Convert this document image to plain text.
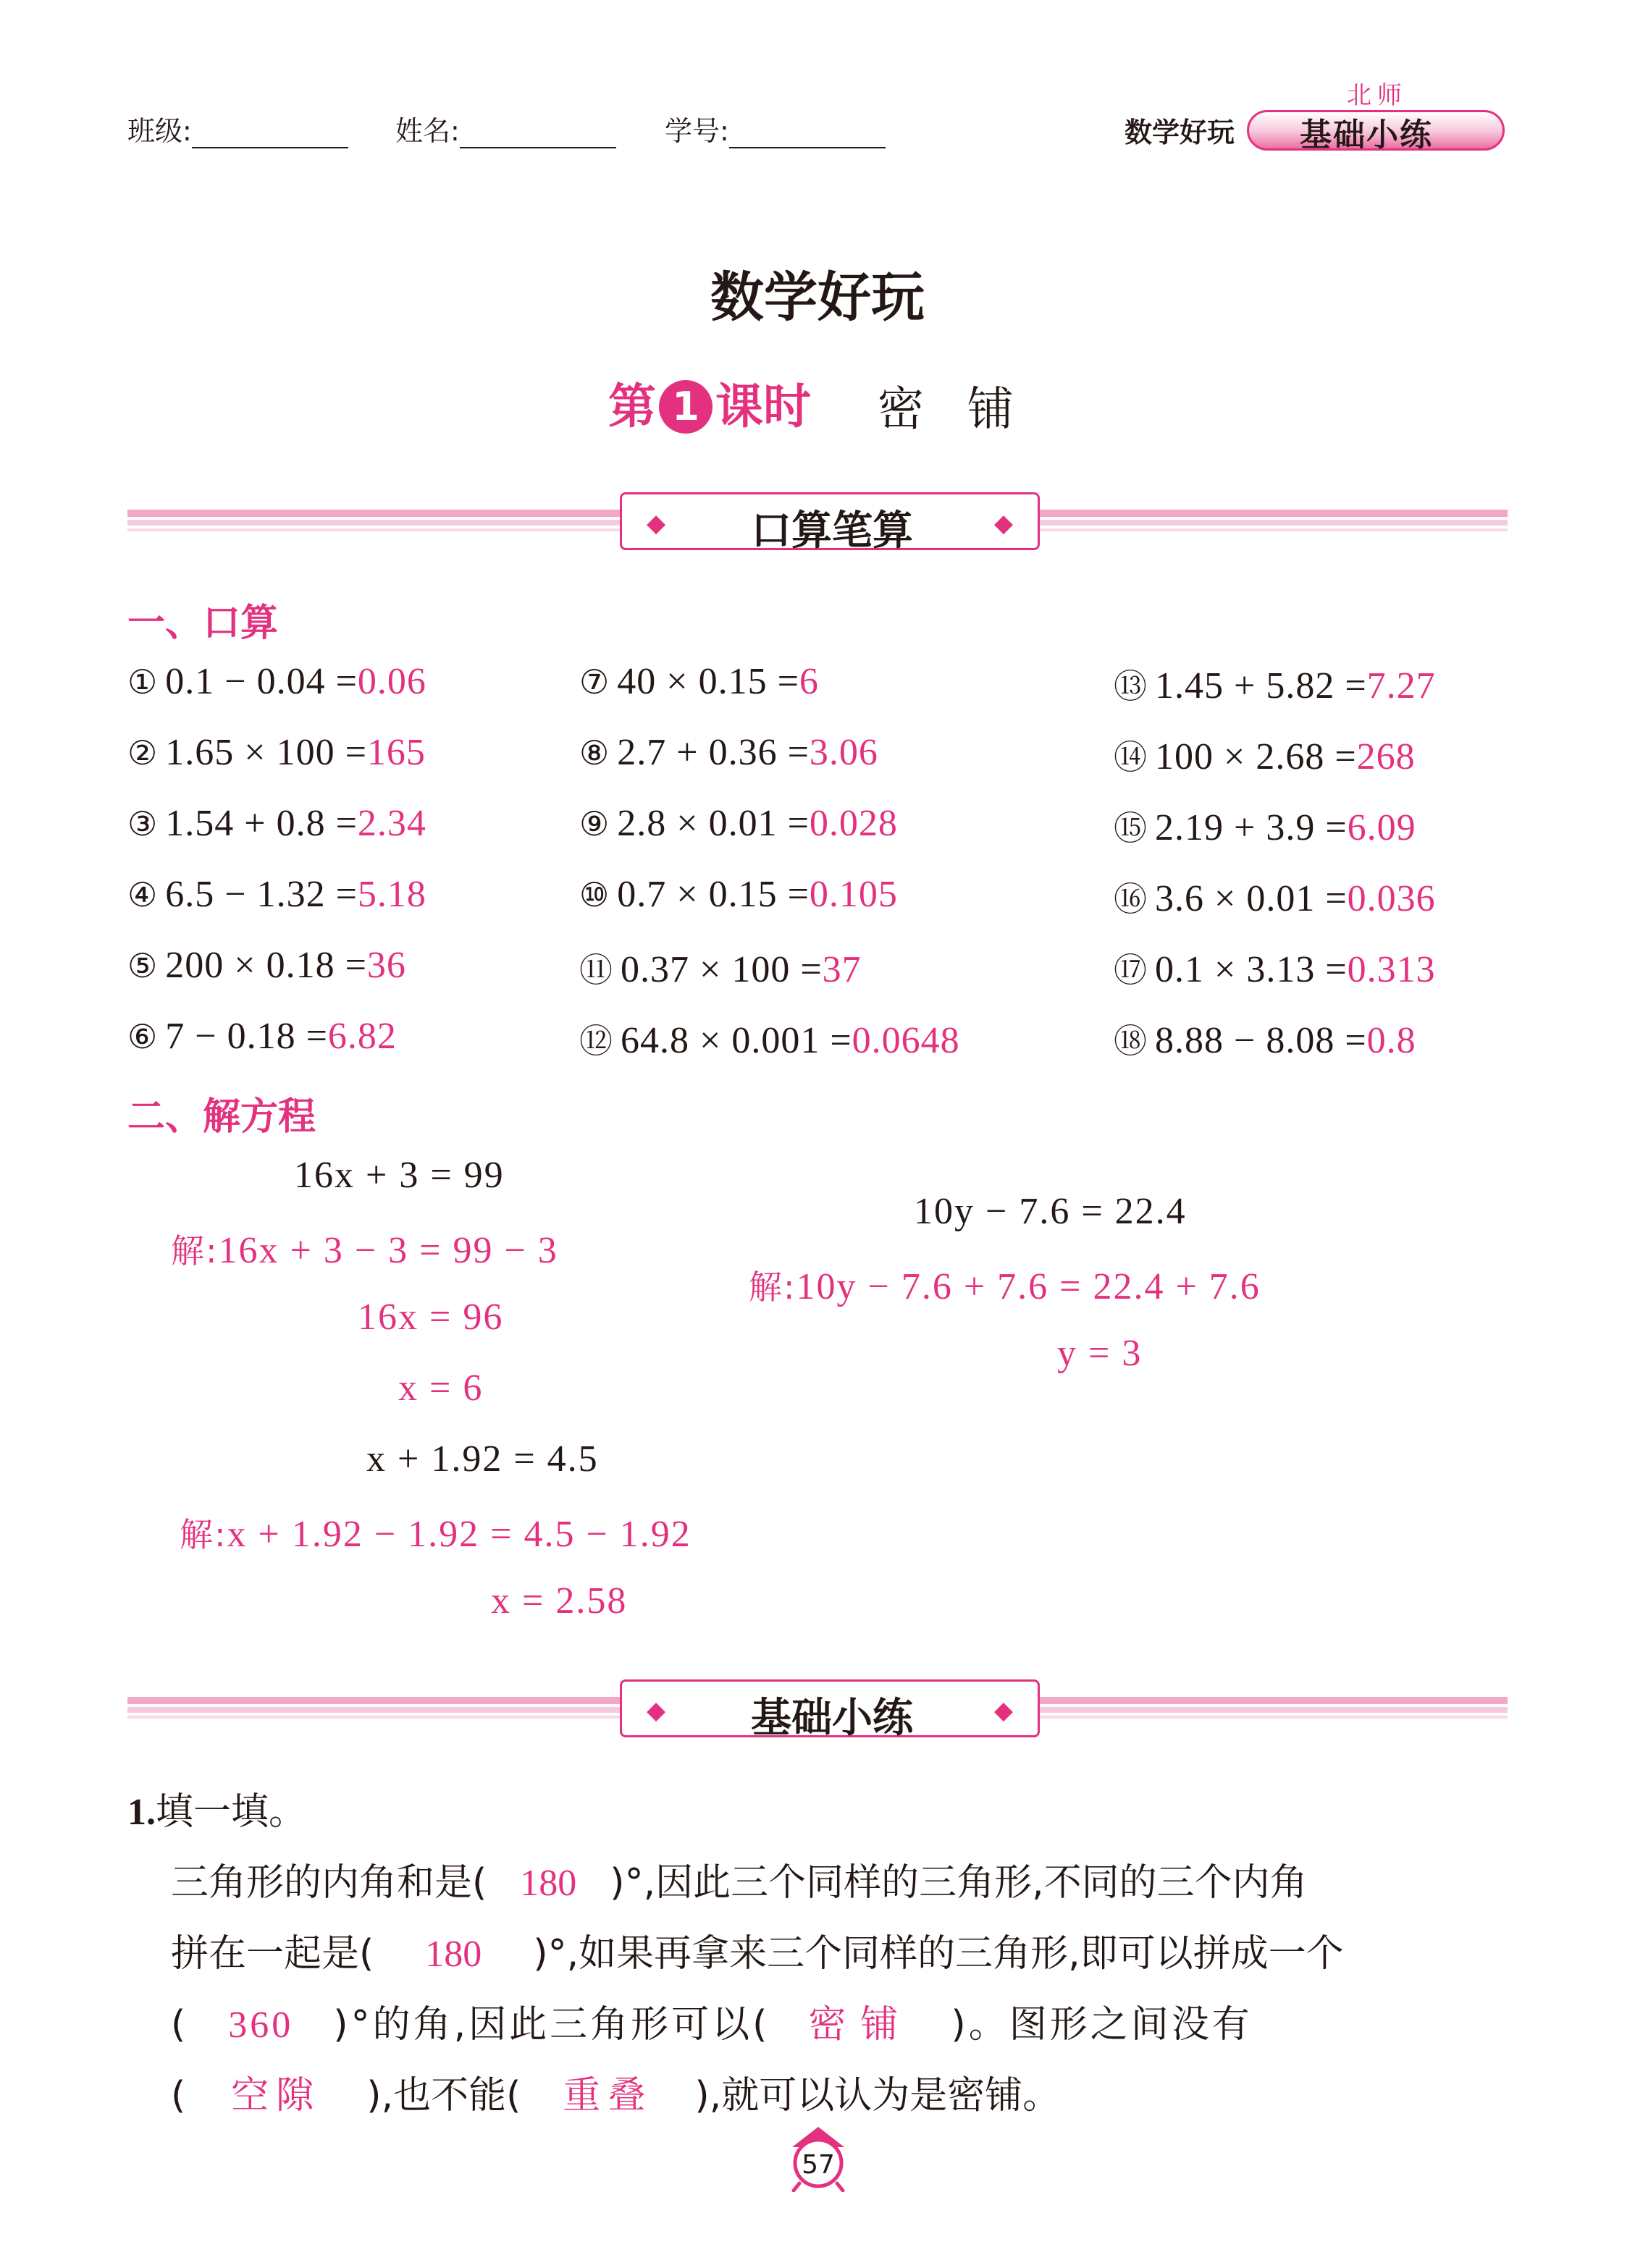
班级:	姓名:	学号:	数学好玩
北师
基础小练
数学好玩
第 1 课时 密铺
◆	口算笔算	◆
一、口算
① 0.1 − 0.04 =0.06
② 1.65 × 100 =165
③ 1.54 + 0.8 =2.34
④ 6.5 − 1.32 =5.18
⑤ 200 × 0.18 =36
⑥ 7 − 0.18 =6.82
⑦ 40 × 0.15 =6
⑧ 2.7 + 0.36 =3.06
⑨ 2.8 × 0.01 =0.028
⑩ 0.7 × 0.15 =0.105
⑪ 0.37 × 100 =37
⑫ 64.8 × 0.001 =0.0648
⑬ 1.45 + 5.82 =7.27
⑭ 100 × 2.68 =268
⑮ 2.19 + 3.9 =6.09
⑯ 3.6 × 0.01 =0.036
⑰ 0.1 × 3.13 =0.313
⑱ 8.88 − 8.08 =0.8
二、解方程
16x + 3 = 99
解:16x + 3 − 3 = 99 − 3
16x = 96
x = 6
10y − 7.6 = 22.4
解:10y − 7.6 + 7.6 = 22.4 + 7.6
y = 3
x + 1.92 = 4.5
解:x + 1.92 − 1.92 = 4.5 − 1.92
x = 2.58
◆	基础小练	◆
1.填一填。
三角形的内角和是( 180 )°,因此三个同样的三角形,不同的三个内角
拼在一起是( 180 )°,如果再拿来三个同样的三角形,即可以拼成一个
( 360 )°的角,因此三角形可以( 密铺 )。图形之间没有
( 空隙 ),也不能( 重叠 ),就可以认为是密铺。
57
